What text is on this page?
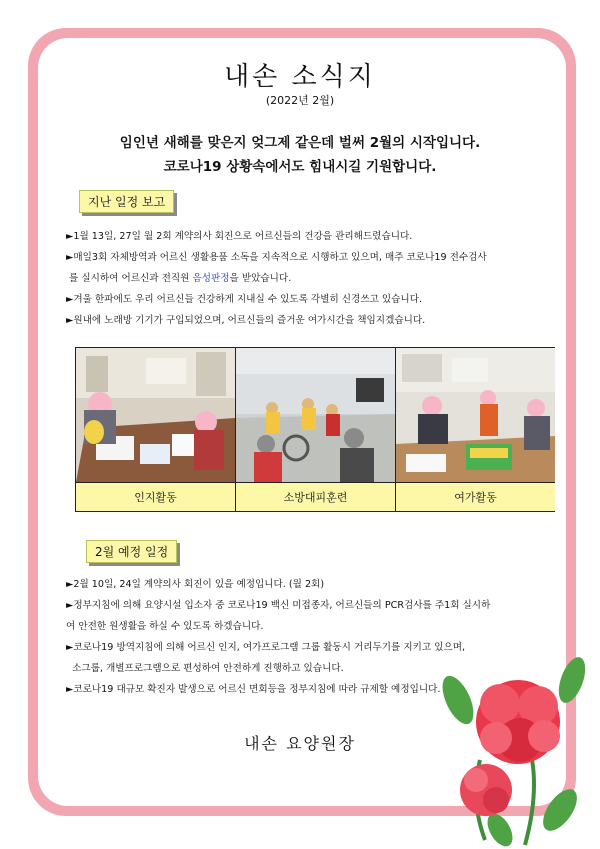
내손 소식지
(2022년 2월)
임인년 새해를 맞은지 엊그제 같은데 벌써 2월의 시작입니다.
코로나19 상황속에서도 힘내시길 기원합니다.
지난 일정 보고
►1월 13일, 27일 월 2회 계약의사 회진으로 어르신들의 건강을 관리해드렸습니다.
►매일3회 자체방역과 어르신 생활용품 소독을 지속적으로 시행하고 있으며, 매주 코로나19 전수검사
를 실시하여 어르신과 전직원 음성판정을 받았습니다.
►겨울 한파에도 우리 어르신들 건강하게 지내실 수 있도록 각별히 신경쓰고 있습니다.
►원내에 노래방 기기가 구입되었으며, 어르신들의 즐거운 여가시간을 책임지겠습니다.
인지활동	소방대피훈련	여가활동
2월 예정 일정
►2월 10일, 24일 계약의사 회진이 있을 예정입니다. (월 2회)
►정부지침에 의해 요양시설 입소자 중 코로나19 백신 미접종자, 어르신들의 PCR검사를 주1회 실시하
여 안전한 원생활을 하실 수 있도록 하겠습니다.
►코로나19 방역지침에 의해 어르신 인지, 여가프로그램 그룹 활동시 거리두기를 지키고 있으며,
소그룹, 개별프로그램으로 편성하여 안전하게 진행하고 있습니다.
►코로나19 대규모 확진자 발생으로 어르신 면회등을 정부지침에 따라 규제할 예정입니다.
내손 요양원장
